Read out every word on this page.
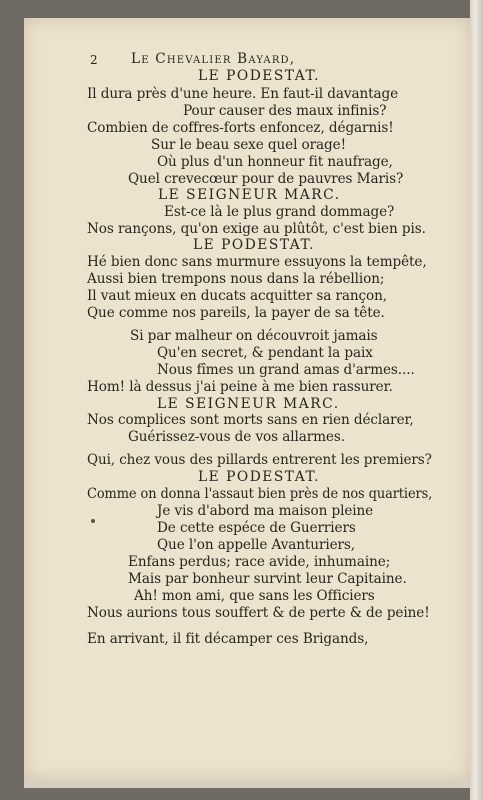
2 Le Chevalier Bayard,
LE PODESTAT.
Il dura près d'une heure. En faut-il davantage
Pour causer des maux infinis?
Combien de coffres-forts enfoncez, dégarnis!
Sur le beau sexe quel orage!
Où plus d'un honneur fit naufrage,
Quel crevecœur pour de pauvres Maris?
LE SEIGNEUR MARC.
Est-ce là le plus grand dommage?
Nos rançons, qu'on exige au plûtôt, c'est bien pis.
LE PODESTAT.
Hé bien donc sans murmure essuyons la tempête,
Aussi bien trempons nous dans la rébellion;
Il vaut mieux en ducats acquitter sa rançon,
Que comme nos pareils, la payer de sa tête.
Si par malheur on découvroit jamais
Qu'en secret, & pendant la paix
Nous fîmes un grand amas d'armes....
Hom! là dessus j'ai peine à me bien rassurer.
LE SEIGNEUR MARC.
Nos complices sont morts sans en rien déclarer,
Guérissez-vous de vos allarmes.
Qui, chez vous des pillards entrerent les premiers?
LE PODESTAT.
Comme on donna l'assaut bien près de nos quartiers,
Je vis d'abord ma maison pleine
De cette espéce de Guerriers
Que l'on appelle Avanturiers,
Enfans perdus; race avide, inhumaine;
Mais par bonheur survint leur Capitaine.
Ah! mon ami, que sans les Officiers
Nous aurions tous souffert & de perte & de peine!
En arrivant, il fit décamper ces Brigands,
